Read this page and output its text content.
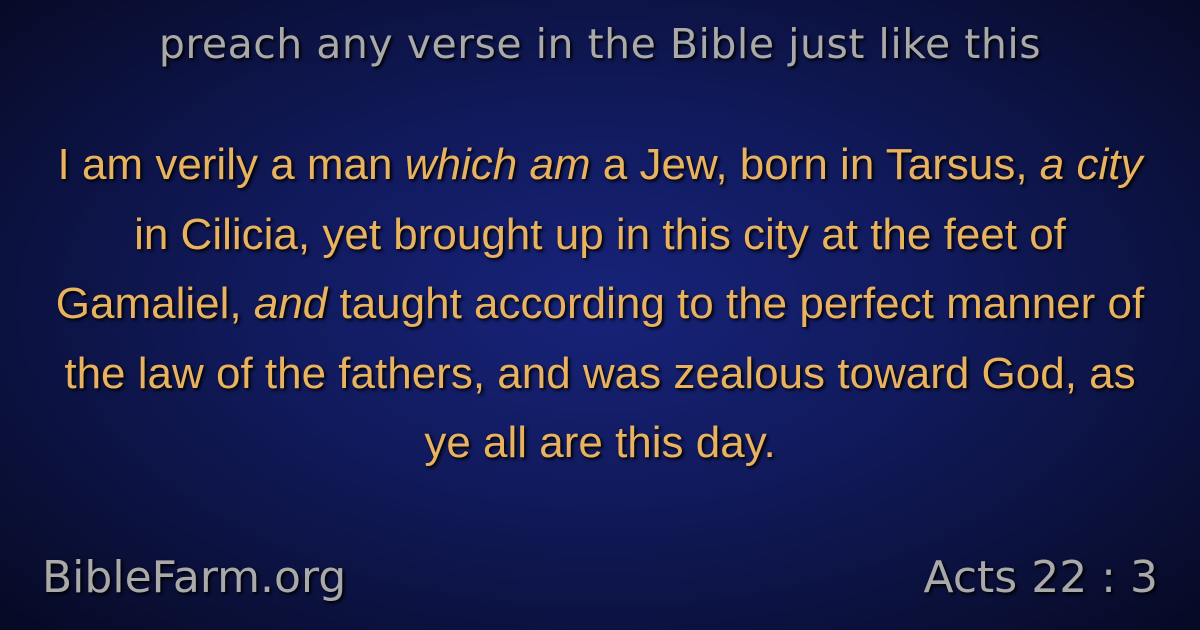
preach any verse in the Bible just like this
I am verily a man which am a Jew, born in Tarsus, a city in Cilicia, yet brought up in this city at the feet of Gamaliel, and taught according to the perfect manner of the law of the fathers, and was zealous toward God, as ye all are this day.
BibleFarm.org	Acts 22 : 3
